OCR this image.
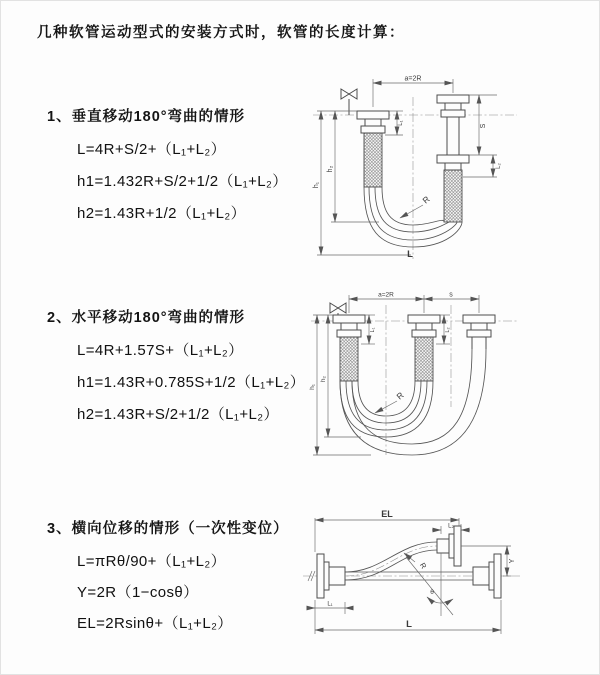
几种软管运动型式的安装方式时，软管的长度计算：
1、垂直移动180°弯曲的情形
L=4R+S/2+（L₁+L₂）
h1=1.432R+S/2+1/2（L₁+L₂）
h2=1.43R+1/2（L₁+L₂）
a=2R
h₁
h₂
L₁
S
L₂
R
L
2、水平移动180°弯曲的情形
L=4R+1.57S+（L₁+L₂）
h1=1.43R+0.785S+1/2（L₁+L₂）
h2=1.43R+S/2+1/2（L₁+L₂）
a=2R	s
h₁
h₂
L₁	L₂
R
3、横向位移的情形（一次性变位）
L=πRθ/90+（L₁+L₂）
Y=2R（1−cosθ）
EL=2Rsinθ+（L₁+L₂）
θ
R
EL
L₂
Y
L
L₁
